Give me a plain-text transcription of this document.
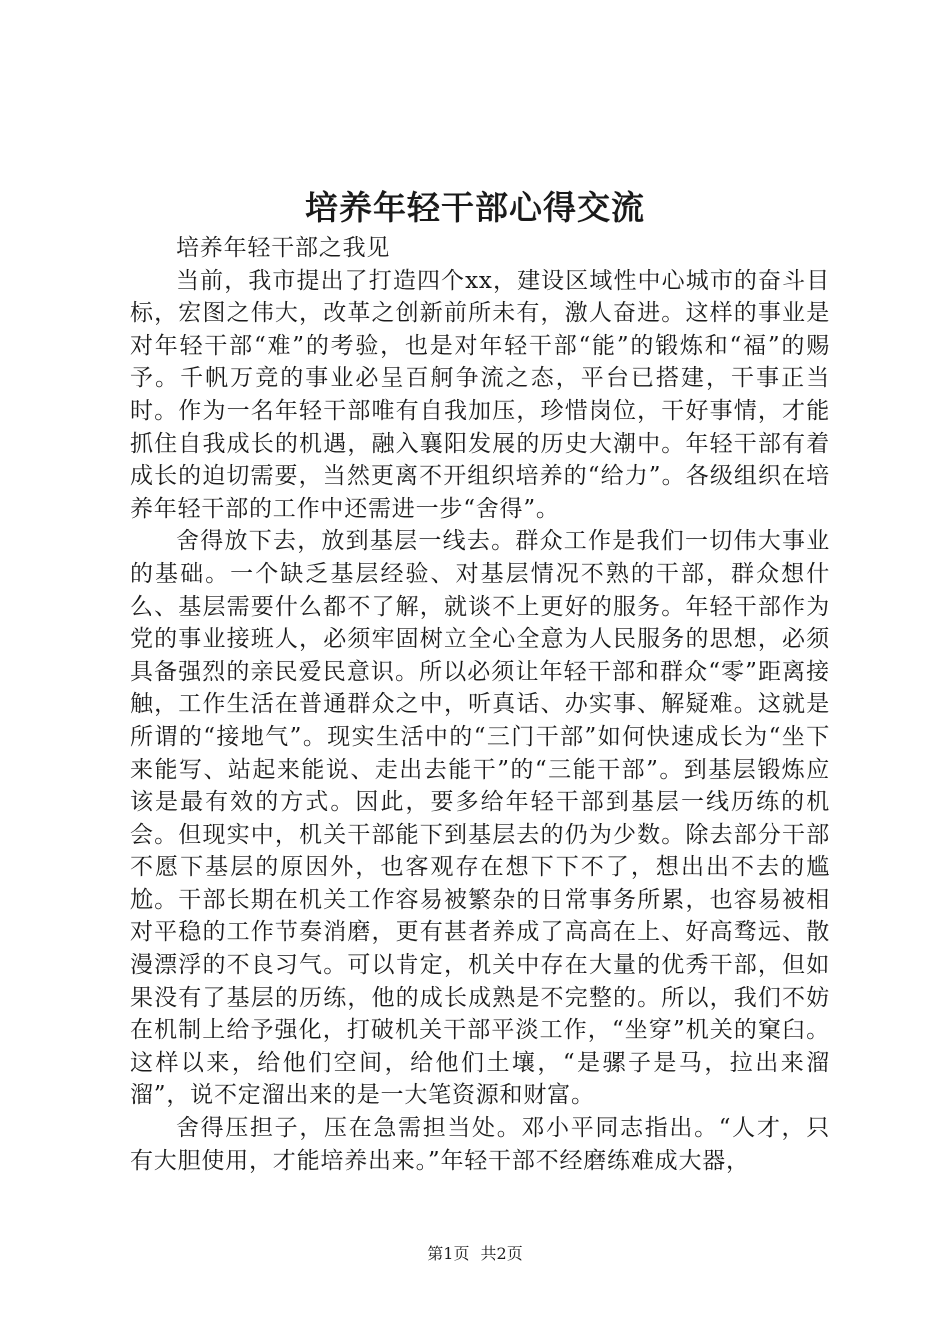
培养年轻干部心得交流

培养年轻干部之我见

当前，我市提出了打造四个xx，建设区域性中心城市的奋斗目标，宏图之伟大，改革之创新前所未有，激人奋进。这样的事业是对年轻干部“难”的考验，也是对年轻干部“能”的锻炼和“福”的赐予。千帆万竞的事业必呈百舸争流之态，平台已搭建，干事正当时。作为一名年轻干部唯有自我加压，珍惜岗位，干好事情，才能抓住自我成长的机遇，融入襄阳发展的历史大潮中。年轻干部有着成长的迫切需要，当然更离不开组织培养的“给力”。各级组织在培养年轻干部的工作中还需进一步“舍得”。

舍得放下去，放到基层一线去。群众工作是我们一切伟大事业的基础。一个缺乏基层经验、对基层情况不熟的干部，群众想什么、基层需要什么都不了解，就谈不上更好的服务。年轻干部作为党的事业接班人，必须牢固树立全心全意为人民服务的思想，必须具备强烈的亲民爱民意识。所以必须让年轻干部和群众“零”距离接触，工作生活在普通群众之中，听真话、办实事、解疑难。这就是所谓的“接地气”。现实生活中的“三门干部”如何快速成长为“坐下来能写、站起来能说、走出去能干”的“三能干部”。到基层锻炼应该是最有效的方式。因此，要多给年轻干部到基层一线历练的机会。但现实中，机关干部能下到基层去的仍为少数。除去部分干部不愿下基层的原因外，也客观存在想下下不了，想出出不去的尴尬。干部长期在机关工作容易被繁杂的日常事务所累，也容易被相对平稳的工作节奏消磨，更有甚者养成了高高在上、好高骛远、散漫漂浮的不良习气。可以肯定，机关中存在大量的优秀干部，但如果没有了基层的历练，他的成长成熟是不完整的。所以，我们不妨在机制上给予强化，打破机关干部平淡工作，“坐穿”机关的窠臼。这样以来，给他们空间，给他们土壤，“是骡子是马，拉出来溜溜”，说不定溜出来的是一大笔资源和财富。

舍得压担子，压在急需担当处。邓小平同志指出。“人才，只有大胆使用，才能培养出来。”年轻干部不经磨练难成大器，

第1页 共2页
